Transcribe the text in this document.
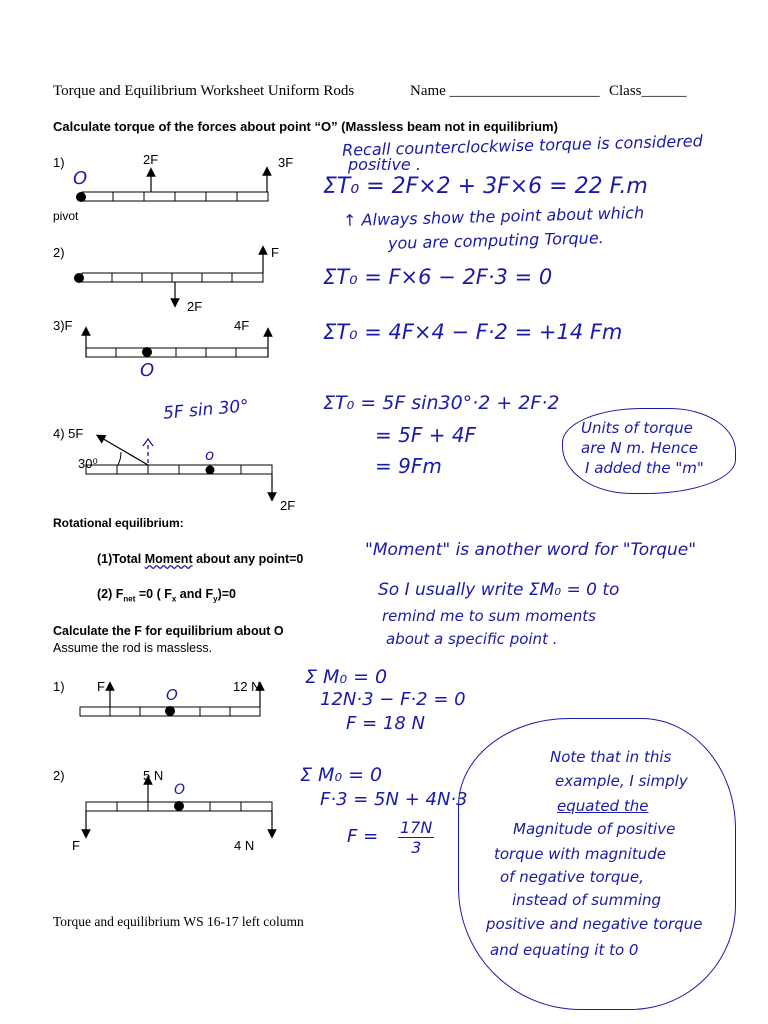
Torque and Equilibrium Worksheet Uniform Rods	Name ____________________ Class______
Calculate torque of the forces about point “O” (Massless beam not in equilibrium)
1)	2F	3F
O
pivot
2)	F
2F
3)F	4F
O
4) 5F
30⁰	o
2F
5F sin 30°
Rotational equilibrium:
(1)Total Moment about any point=0
(2) $F_{net} =0$ ( $F_x$ and $F_y)=0$
Calculate the F for equilibrium about O
Assume the rod is massless.
1) F	O	12 N
2)	5 N
O
F	4 N
Torque and equilibrium WS 16-17 left column
Recall counterclockwise torque is considered
positive .
ΣT₀ = 2F×2 + 3F×6 = 22 F.m
↑ Always show the point about which
you are computing Torque.
ΣT₀ = F×6 − 2F·3 = 0
ΣT₀ = 4F×4 − F·2 = +14 Fm
ΣT₀ = 5F sin30°·2 + 2F·2
= 5F + 4F
= 9Fm
Units of torque
are N m. Hence
I added the "m"
"Moment" is another word for "Torque"
So I usually write ΣM₀ = 0 to
remind me to sum moments
about a specific point .
Σ M₀ = 0
12N·3 − F·2 = 0
F = 18 N
Σ M₀ = 0
F·3 = 5N + 4N·3
$F = \frac{17N}{3}$
Note that in this
example, I simply
equated the
Magnitude of positive
torque with magnitude
of negative torque,
instead of summing
positive and negative torque
and equating it to 0
